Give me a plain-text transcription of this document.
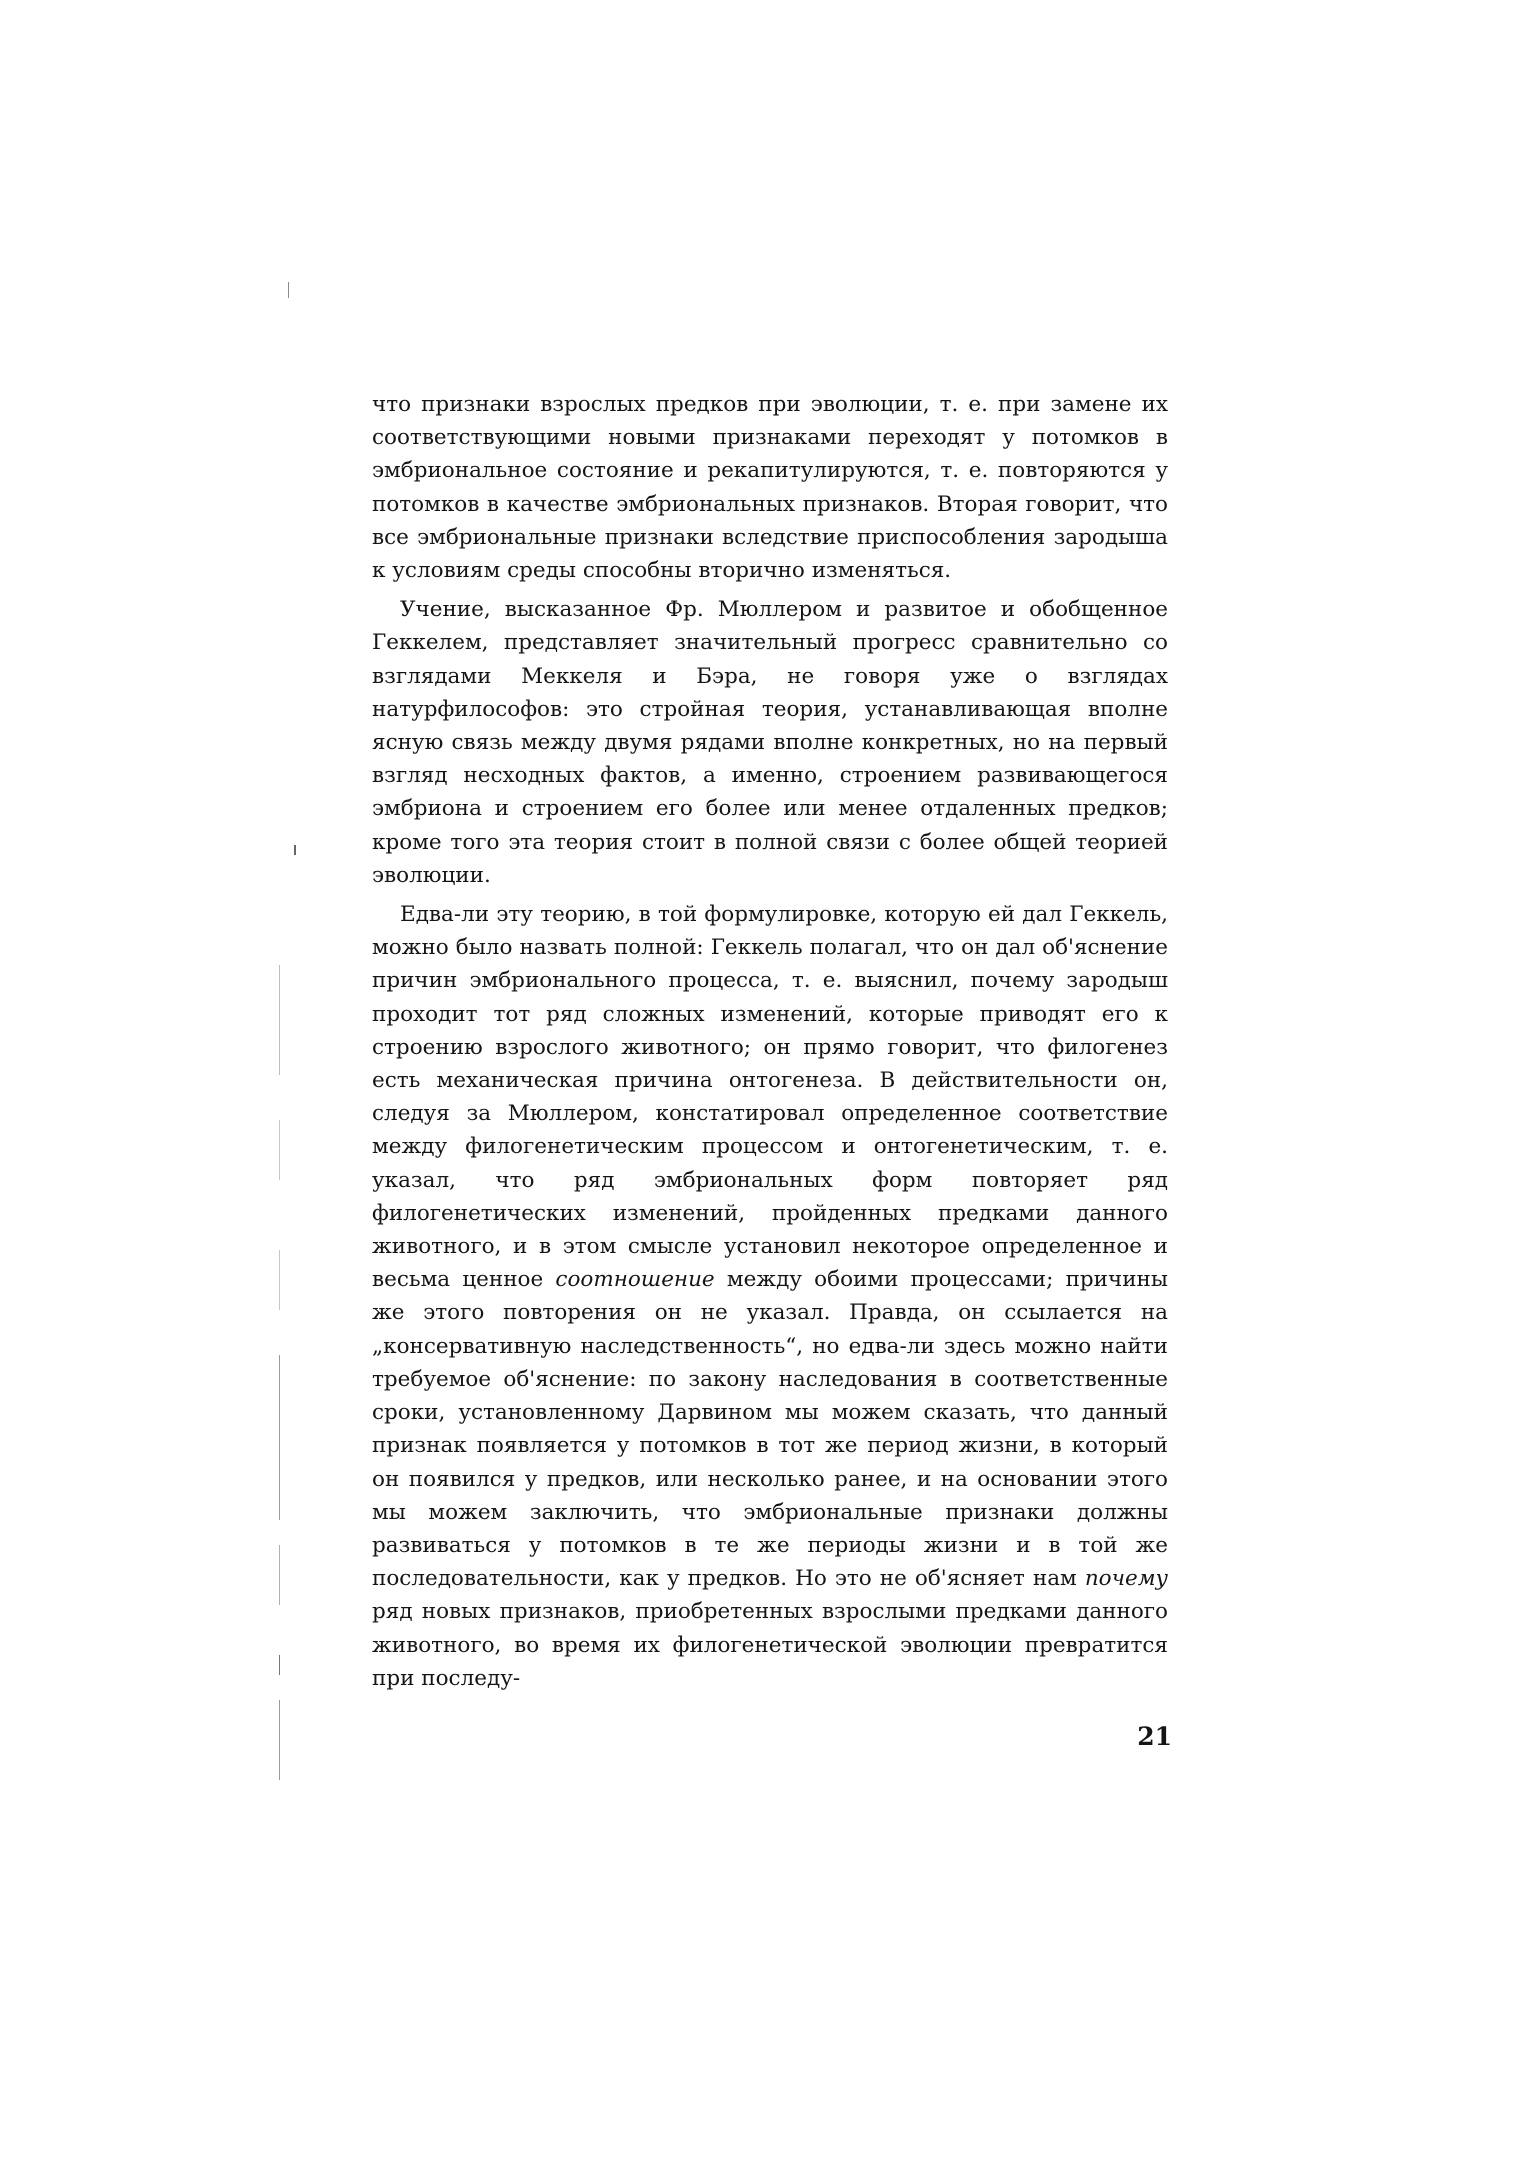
что признаки взрослых предков при эволюции, т. е. при замене их соответствующими новыми признаками переходят у потомков в эмбриональное состояние и рекапитулируются, т. е. повторяются у потомков в качестве эмбриональных признаков. Вторая говорит, что все эмбриональные признаки вследствие приспособления зародыша к условиям среды способны вторично изменяться.

Учение, высказанное Фр. Мюллером и развитое и обобщенное Геккелем, представляет значительный прогресс сравнительно со взглядами Меккеля и Бэра, не говоря уже о взглядах натурфилософов: это стройная теория, устанавливающая вполне ясную связь между двумя рядами вполне конкретных, но на первый взгляд несходных фактов, а именно, строением развивающегося эмбриона и строением его более или менее отдаленных предков; кроме того эта теория стоит в полной связи с более общей теорией эволюции.

Едва-ли эту теорию, в той формулировке, которую ей дал Геккель, можно было назвать полной: Геккель полагал, что он дал об'яснение причин эмбрионального процесса, т. е. выяснил, почему зародыш проходит тот ряд сложных изменений, которые приводят его к строению взрослого животного; он прямо говорит, что филогенез есть механическая причина онтогенеза. В действительности он, следуя за Мюллером, констатировал определенное соответствие между филогенетическим процессом и онтогенетическим, т. е. указал, что ряд эмбриональных форм повторяет ряд филогенетических изменений, пройденных предками данного животного, и в этом смысле установил некоторое определенное и весьма ценное соотношение между обоими процессами; причины же этого повторения он не указал. Правда, он ссылается на „консервативную наследственность“, но едва-ли здесь можно найти требуемое об'яснение: по закону наследования в соответственные сроки, установленному Дарвином мы можем сказать, что данный признак появляется у потомков в тот же период жизни, в который он появился у предков, или несколько ранее, и на основании этого мы можем заключить, что эмбриональные признаки должны развиваться у потомков в те же периоды жизни и в той же последовательности, как у предков. Но это не об'ясняет нам почему ряд новых признаков, приобретенных взрослыми предками данного животного, во время их филогенетической эволюции превратится при последу-

21
